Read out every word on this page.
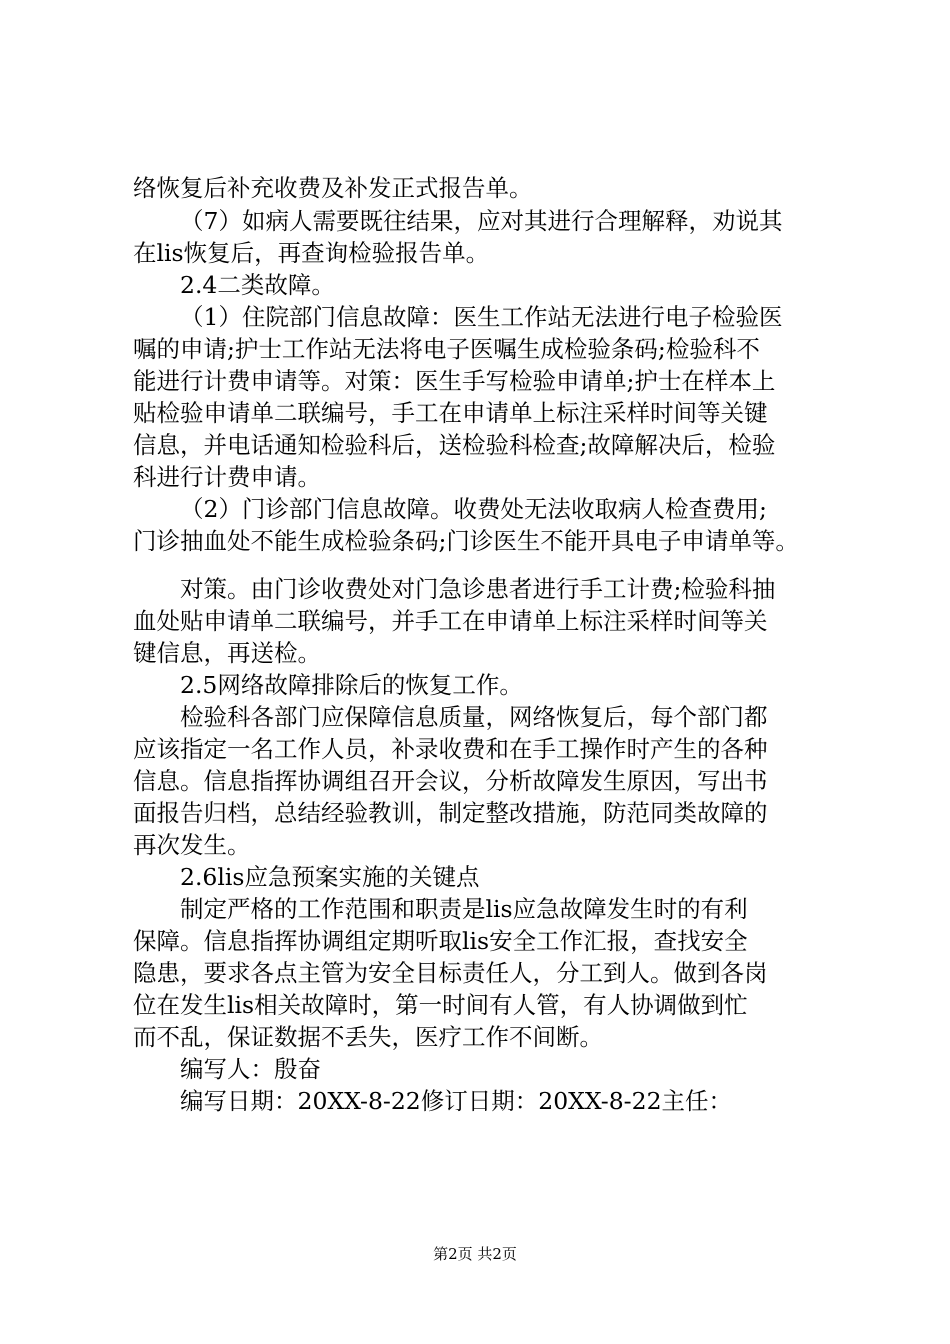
络恢复后补充收费及补发正式报告单。
（7）如病人需要既往结果，应对其进行合理解释，劝说其
在lis恢复后，再查询检验报告单。
2.4二类故障。
（1）住院部门信息故障：医生工作站无法进行电子检验医
嘱的申请;护士工作站无法将电子医嘱生成检验条码;检验科不
能进行计费申请等。对策：医生手写检验申请单;护士在样本上
贴检验申请单二联编号，手工在申请单上标注采样时间等关键
信息，并电话通知检验科后，送检验科检查;故障解决后，检验
科进行计费申请。
（2）门诊部门信息故障。收费处无法收取病人检查费用;
门诊抽血处不能生成检验条码;门诊医生不能开具电子申请单等。
对策。由门诊收费处对门急诊患者进行手工计费;检验科抽
血处贴申请单二联编号，并手工在申请单上标注采样时间等关
键信息，再送检。
2.5网络故障排除后的恢复工作。
检验科各部门应保障信息质量，网络恢复后，每个部门都
应该指定一名工作人员，补录收费和在手工操作时产生的各种
信息。信息指挥协调组召开会议，分析故障发生原因，写出书
面报告归档，总结经验教训，制定整改措施，防范同类故障的
再次发生。
2.6lis应急预案实施的关键点
制定严格的工作范围和职责是lis应急故障发生时的有利
保障。信息指挥协调组定期听取lis安全工作汇报，查找安全
隐患，要求各点主管为安全目标责任人，分工到人。做到各岗
位在发生lis相关故障时，第一时间有人管，有人协调做到忙
而不乱，保证数据不丢失，医疗工作不间断。
编写人：殷奋
编写日期：20XX-8-22修订日期：20XX-8-22主任：
第2页 共2页
